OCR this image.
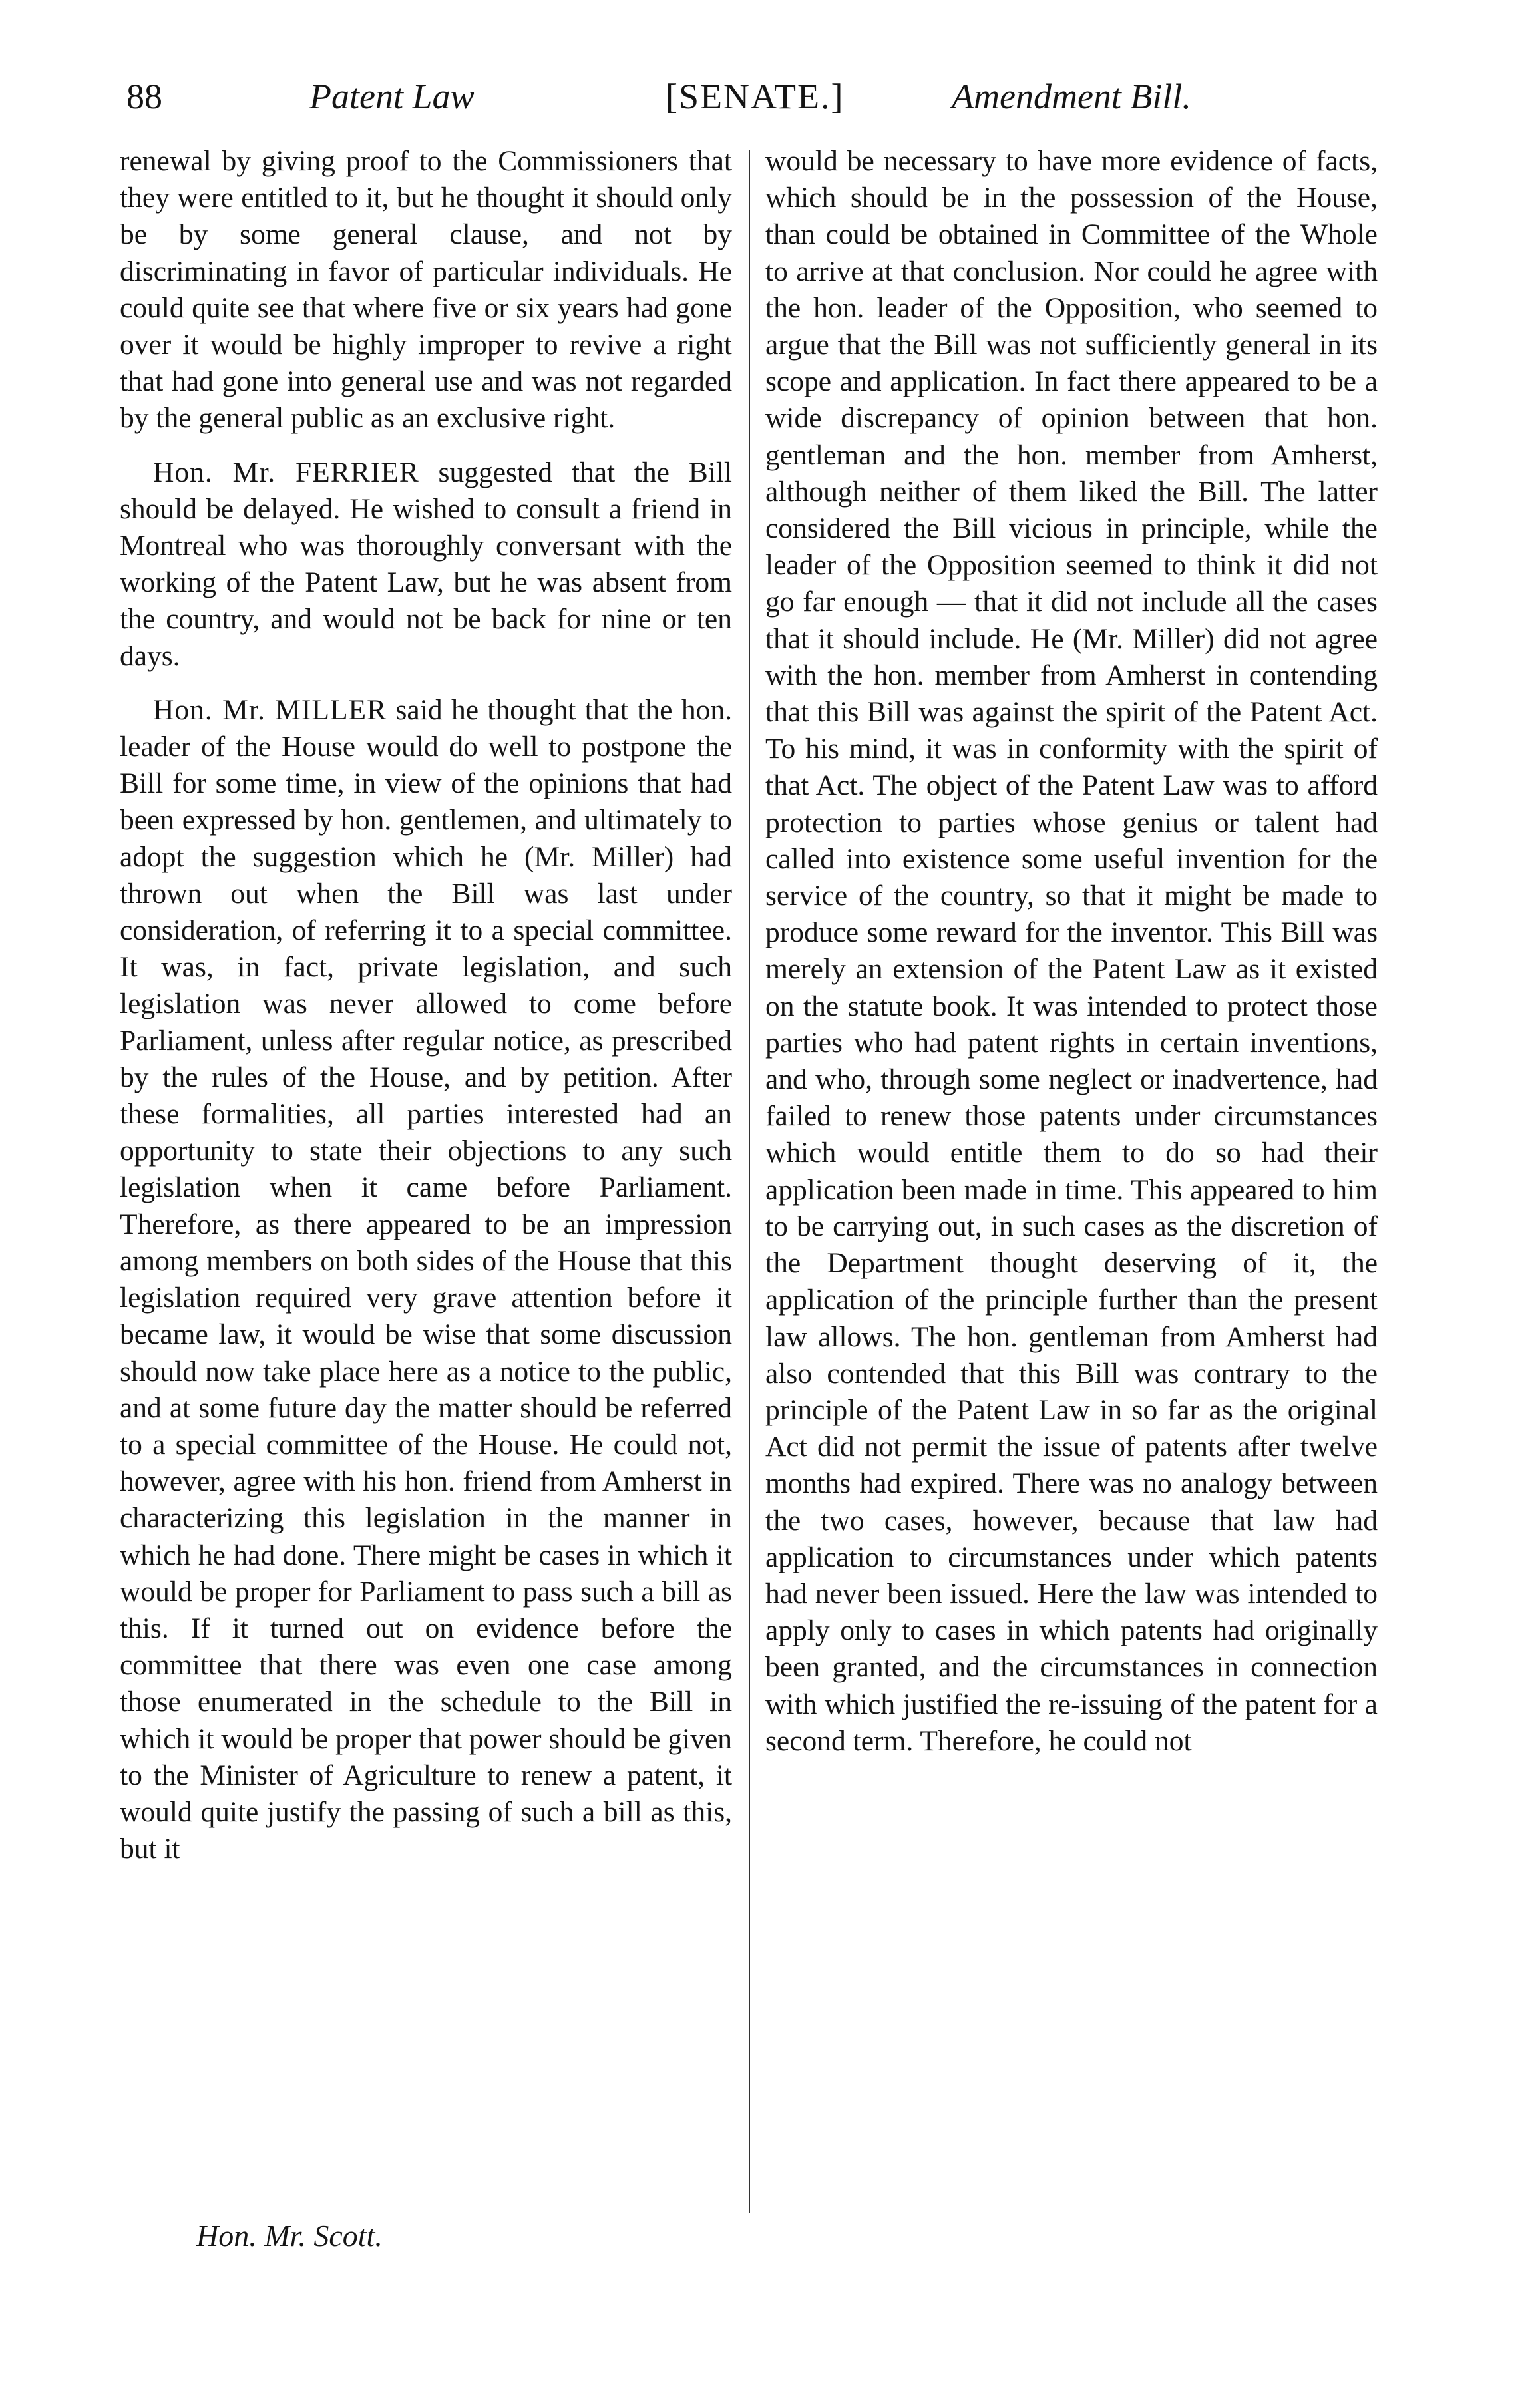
88	Patent Law	[SENATE.]	Amendment Bill.

renewal by giving proof to the Commissioners that they were entitled to it, but he thought it should only be by some general clause, and not by discriminating in favor of particular individuals. He could quite see that where five or six years had gone over it would be highly improper to revive a right that had gone into general use and was not regarded by the general public as an exclusive right.

Hon. Mr. FERRIER suggested that the Bill should be delayed. He wished to consult a friend in Montreal who was thoroughly conversant with the working of the Patent Law, but he was absent from the country, and would not be back for nine or ten days.

Hon. Mr. MILLER said he thought that the hon. leader of the House would do well to postpone the Bill for some time, in view of the opinions that had been expressed by hon. gentlemen, and ultimately to adopt the suggestion which he (Mr. Miller) had thrown out when the Bill was last under consideration, of referring it to a special committee. It was, in fact, private legislation, and such legislation was never allowed to come before Parliament, unless after regular notice, as prescribed by the rules of the House, and by petition. After these formalities, all parties interested had an opportunity to state their objections to any such legislation when it came before Parliament. Therefore, as there appeared to be an impression among members on both sides of the House that this legislation required very grave attention before it became law, it would be wise that some discussion should now take place here as a notice to the public, and at some future day the matter should be referred to a special committee of the House. He could not, however, agree with his hon. friend from Amherst in characterizing this legislation in the manner in which he had done. There might be cases in which it would be proper for Parliament to pass such a bill as this. If it turned out on evidence before the committee that there was even one case among those enumerated in the schedule to the Bill in which it would be proper that power should be given to the Minister of Agriculture to renew a patent, it would quite justify the passing of such a bill as this, but it

would be necessary to have more evidence of facts, which should be in the possession of the House, than could be obtained in Committee of the Whole to arrive at that conclusion. Nor could he agree with the hon. leader of the Opposition, who seemed to argue that the Bill was not sufficiently general in its scope and application. In fact there appeared to be a wide discrepancy of opinion between that hon. gentleman and the hon. member from Amherst, although neither of them liked the Bill. The latter considered the Bill vicious in principle, while the leader of the Opposition seemed to think it did not go far enough — that it did not include all the cases that it should include. He (Mr. Miller) did not agree with the hon. member from Amherst in contending that this Bill was against the spirit of the Patent Act. To his mind, it was in conformity with the spirit of that Act. The object of the Patent Law was to afford protection to parties whose genius or talent had called into existence some useful invention for the service of the country, so that it might be made to produce some reward for the inventor. This Bill was merely an extension of the Patent Law as it existed on the statute book. It was intended to protect those parties who had patent rights in certain inventions, and who, through some neglect or inadvertence, had failed to renew those patents under circumstances which would entitle them to do so had their application been made in time. This appeared to him to be carrying out, in such cases as the discretion of the Department thought deserving of it, the application of the principle further than the present law allows. The hon. gentleman from Amherst had also contended that this Bill was contrary to the principle of the Patent Law in so far as the original Act did not permit the issue of patents after twelve months had expired. There was no analogy between the two cases, however, because that law had application to circumstances under which patents had never been issued. Here the law was intended to apply only to cases in which patents had originally been granted, and the circumstances in connection with which justified the re-issuing of the patent for a second term. Therefore, he could not

Hon. Mr. Scott.
